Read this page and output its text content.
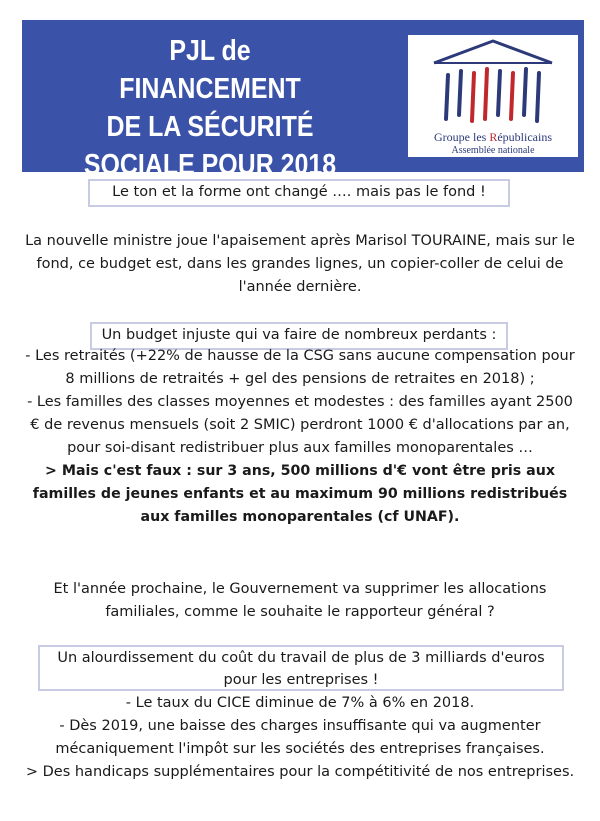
PJL de FINANCEMENT
DE LA SÉCURITÉ
SOCIALE POUR 2018
Groupe les Républicains
Assemblée nationale
Le ton et la forme ont changé …. mais pas le fond !

La nouvelle ministre joue l'apaisement après Marisol TOURAINE, mais sur le fond, ce budget est, dans les grandes lignes, un copier-coller de celui de l'année dernière.

Un budget injuste qui va faire de nombreux perdants :

- Les retraités (+22% de hausse de la CSG sans aucune compensation pour 8 millions de retraités + gel des pensions de retraites en 2018) ;

- Les familles des classes moyennes et modestes : des familles ayant 2500 € de revenus mensuels (soit 2 SMIC) perdront 1000 € d'allocations par an, pour soi-disant redistribuer plus aux familles monoparentales …

> Mais c'est faux : sur 3 ans, 500 millions d'€ vont être pris aux familles de jeunes enfants et au maximum 90 millions redistribués aux familles monoparentales (cf UNAF).

Et l'année prochaine, le Gouvernement va supprimer les allocations familiales, comme le souhaite le rapporteur général ?

Un alourdissement du coût du travail de plus de 3 milliards d'euros
pour les entreprises !

- Le taux du CICE diminue de 7% à 6% en 2018.

- Dès 2019, une baisse des charges insuffisante qui va augmenter mécaniquement l'impôt sur les sociétés des entreprises françaises.

> Des handicaps supplémentaires pour la compétitivité de nos entreprises.
